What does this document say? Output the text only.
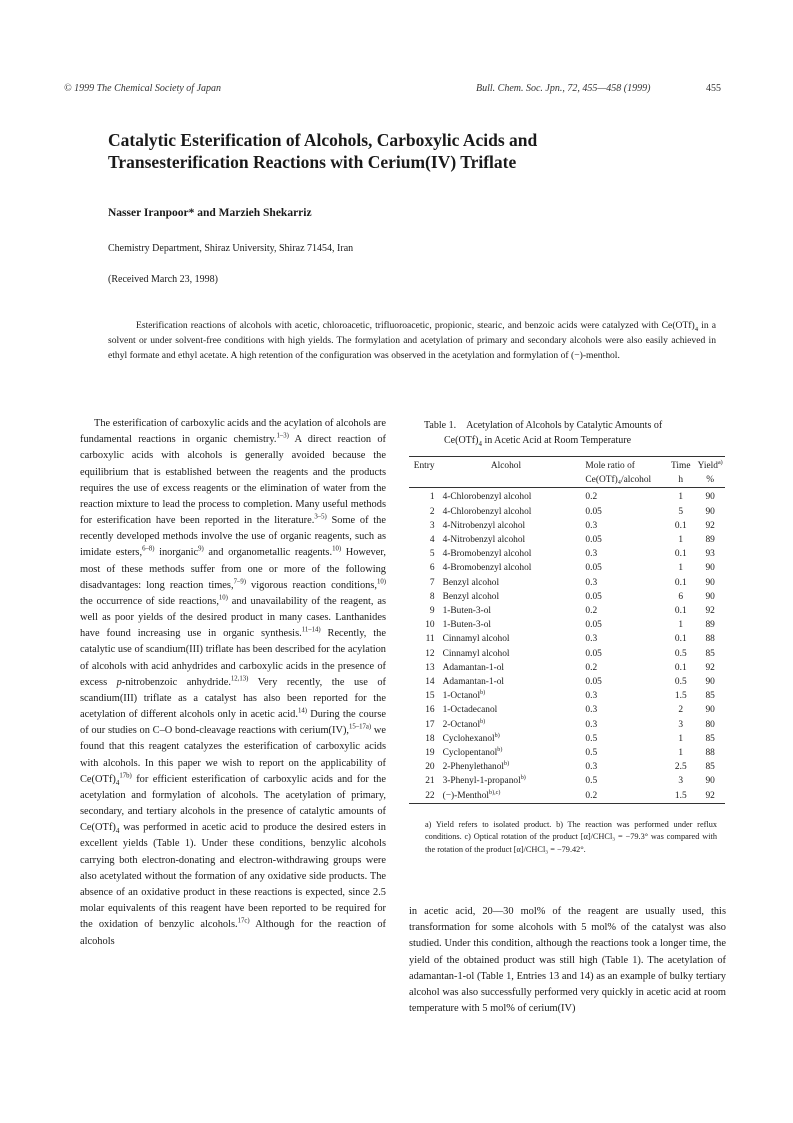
© 1999 The Chemical Society of Japan	Bull. Chem. Soc. Jpn., 72, 455—458 (1999)	455
Catalytic Esterification of Alcohols, Carboxylic Acids and
Transesterification Reactions with Cerium(IV) Triflate
Nasser Iranpoor* and Marzieh Shekarriz
Chemistry Department, Shiraz University, Shiraz 71454, Iran
(Received March 23, 1998)
Esterification reactions of alcohols with acetic, chloroacetic, trifluoroacetic, propionic, stearic, and benzoic acids were catalyzed with $Ce(OTf)_4$ in a solvent or under solvent-free conditions with high yields. The formylation and acetylation of primary and secondary alcohols were also easily achieved in ethyl formate and ethyl acetate. A high retention of the configuration was observed in the acetylation and formylation of (−)-menthol.

The esterification of carboxylic acids and the acylation of alcohols are fundamental reactions in organic chemistry.$^{1-3)}$ A direct reaction of carboxylic acids with alcohols is generally avoided because the equilibrium that is established between the reagents and the products requires the use of excess reagents or the elimination of water from the reaction mixture to lead the process to completion. Many useful methods for esterification have been reported in the literature.$^{3-5)}$ Some of the recently developed methods involve the use of organic reagents, such as imidate esters,$^{6-8)}$ inorganic$^{9)}$ and organometallic reagents.$^{10)}$ However, most of these methods suffer from one or more of the following disadvantages: long reaction times,$^{7-9)}$ vigorous reaction conditions,$^{10)}$ the occurrence of side reactions,$^{10)}$ and unavailability of the reagent, as well as poor yields of the desired product in many cases. Lanthanides have found increasing use in organic synthesis.$^{11-14)}$ Recently, the catalytic use of scandium(III) triflate has been described for the acylation of alcohols with acid anhydrides and carboxylic acids in the presence of excess p-nitrobenzoic anhydride.$^{12,13)}$ Very recently, the use of scandium(III) triflate as a catalyst has also been reported for the acetylation of different alcohols only in acetic acid.$^{14)}$ During the course of our studies on C–O bond-cleavage reactions with cerium(IV),$^{15-17a)}$ we found that this reagent catalyzes the esterification of carboxylic acids with alcohols. In this paper we wish to report on the applicability of $Ce(OTf)_4^{17b)}$ for efficient esterification of carboxylic acids and for the acetylation and formylation of alcohols. The acetylation of primary, secondary, and tertiary alcohols in the presence of catalytic amounts of $Ce(OTf)_4$ was performed in acetic acid to produce the desired esters in excellent yields (Table 1). Under these conditions, benzylic alcohols carrying both electron-donating and electron-withdrawing groups were also acetylated without the formation of any oxidative side products. The absence of an oxidative product in these reactions is expected, since 2.5 molar equivalents of this reagent have been reported to be required for the oxidation of benzylic alcohols.$^{17c)}$ Although for the reaction of alcohols

Table 1. Acetylation of Alcohols by Catalytic Amounts of
$Ce(OTf)_4$ in Acetic Acid at Room Temperature
Entry	Alcohol	Mole ratio of	Time	Yield$^{a)}$
		Ce(OTf)₄/alcohol	h	%
1	4-Chlorobenzyl alcohol	0.2	1	90
2	4-Chlorobenzyl alcohol	0.05	5	90
3	4-Nitrobenzyl alcohol	0.3	0.1	92
4	4-Nitrobenzyl alcohol	0.05	1	89
5	4-Bromobenzyl alcohol	0.3	0.1	93
6	4-Bromobenzyl alcohol	0.05	1	90
7	Benzyl alcohol	0.3	0.1	90
8	Benzyl alcohol	0.05	6	90
9	1-Buten-3-ol	0.2	0.1	92
10	1-Buten-3-ol	0.05	1	89
11	Cinnamyl alcohol	0.3	0.1	88
12	Cinnamyl alcohol	0.05	0.5	85
13	Adamantan-1-ol	0.2	0.1	92
14	Adamantan-1-ol	0.05	0.5	90
15	1-Octanol$^{b)}$	0.3	1.5	85
16	1-Octadecanol	0.3	2	90
17	2-Octanol$^{b)}$	0.3	3	80
18	Cyclohexanol$^{b)}$	0.5	1	85
19	Cyclopentanol$^{b)}$	0.5	1	88
20	2-Phenylethanol$^{b)}$	0.3	2.5	85
21	3-Phenyl-1-propanol$^{b)}$	0.5	3	90
22	(−)-Menthol$^{b),c)}$	0.2	1.5	92
a) Yield refers to isolated product. b) The reaction was performed under reflux conditions. c) Optical rotation of the product [α]/CHCl₃ = −79.3° was compared with the rotation of the product [α]/CHCl₃ = −79.42°.

in acetic acid, 20—30 mol% of the reagent are usually used, this transformation for some alcohols with 5 mol% of the catalyst was also studied. Under this condition, although the reactions took a longer time, the yield of the obtained product was still high (Table 1). The acetylation of adamantan-1-ol (Table 1, Entries 13 and 14) as an example of bulky tertiary alcohol was also successfully performed very quickly in acetic acid at room temperature with 5 mol% of cerium(IV)
